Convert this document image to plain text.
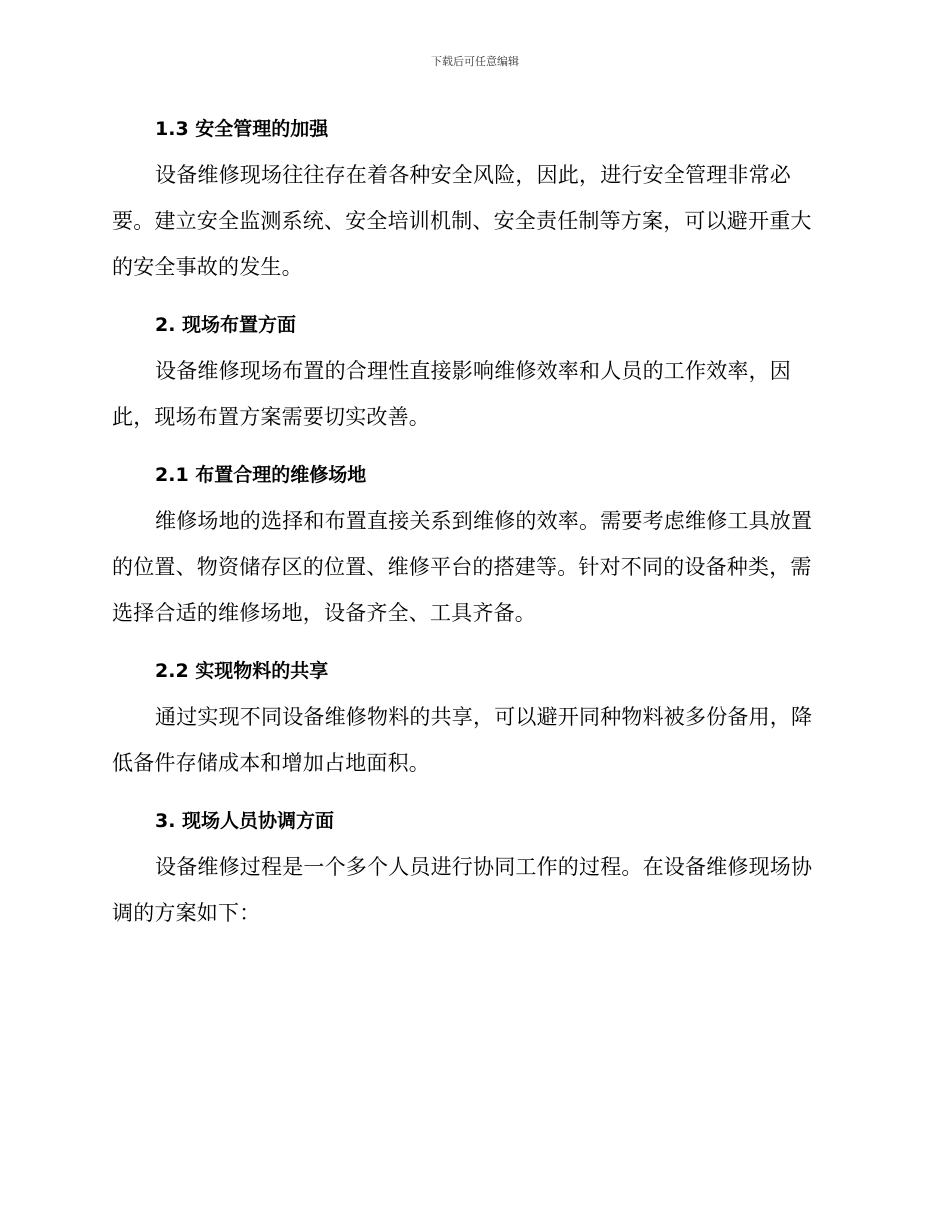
下载后可任意编辑
1.3 安全管理的加强

设备维修现场往往存在着各种安全风险，因此，进行安全管理非常必要。建立安全监测系统、安全培训机制、安全责任制等方案，可以避开重大的安全事故的发生。

2. 现场布置方面

设备维修现场布置的合理性直接影响维修效率和人员的工作效率，因此，现场布置方案需要切实改善。

2.1 布置合理的维修场地

维修场地的选择和布置直接关系到维修的效率。需要考虑维修工具放置的位置、物资储存区的位置、维修平台的搭建等。针对不同的设备种类，需选择合适的维修场地，设备齐全、工具齐备。

2.2 实现物料的共享

通过实现不同设备维修物料的共享，可以避开同种物料被多份备用，降低备件存储成本和增加占地面积。

3. 现场人员协调方面

设备维修过程是一个多个人员进行协同工作的过程。在设备维修现场协调的方案如下：
